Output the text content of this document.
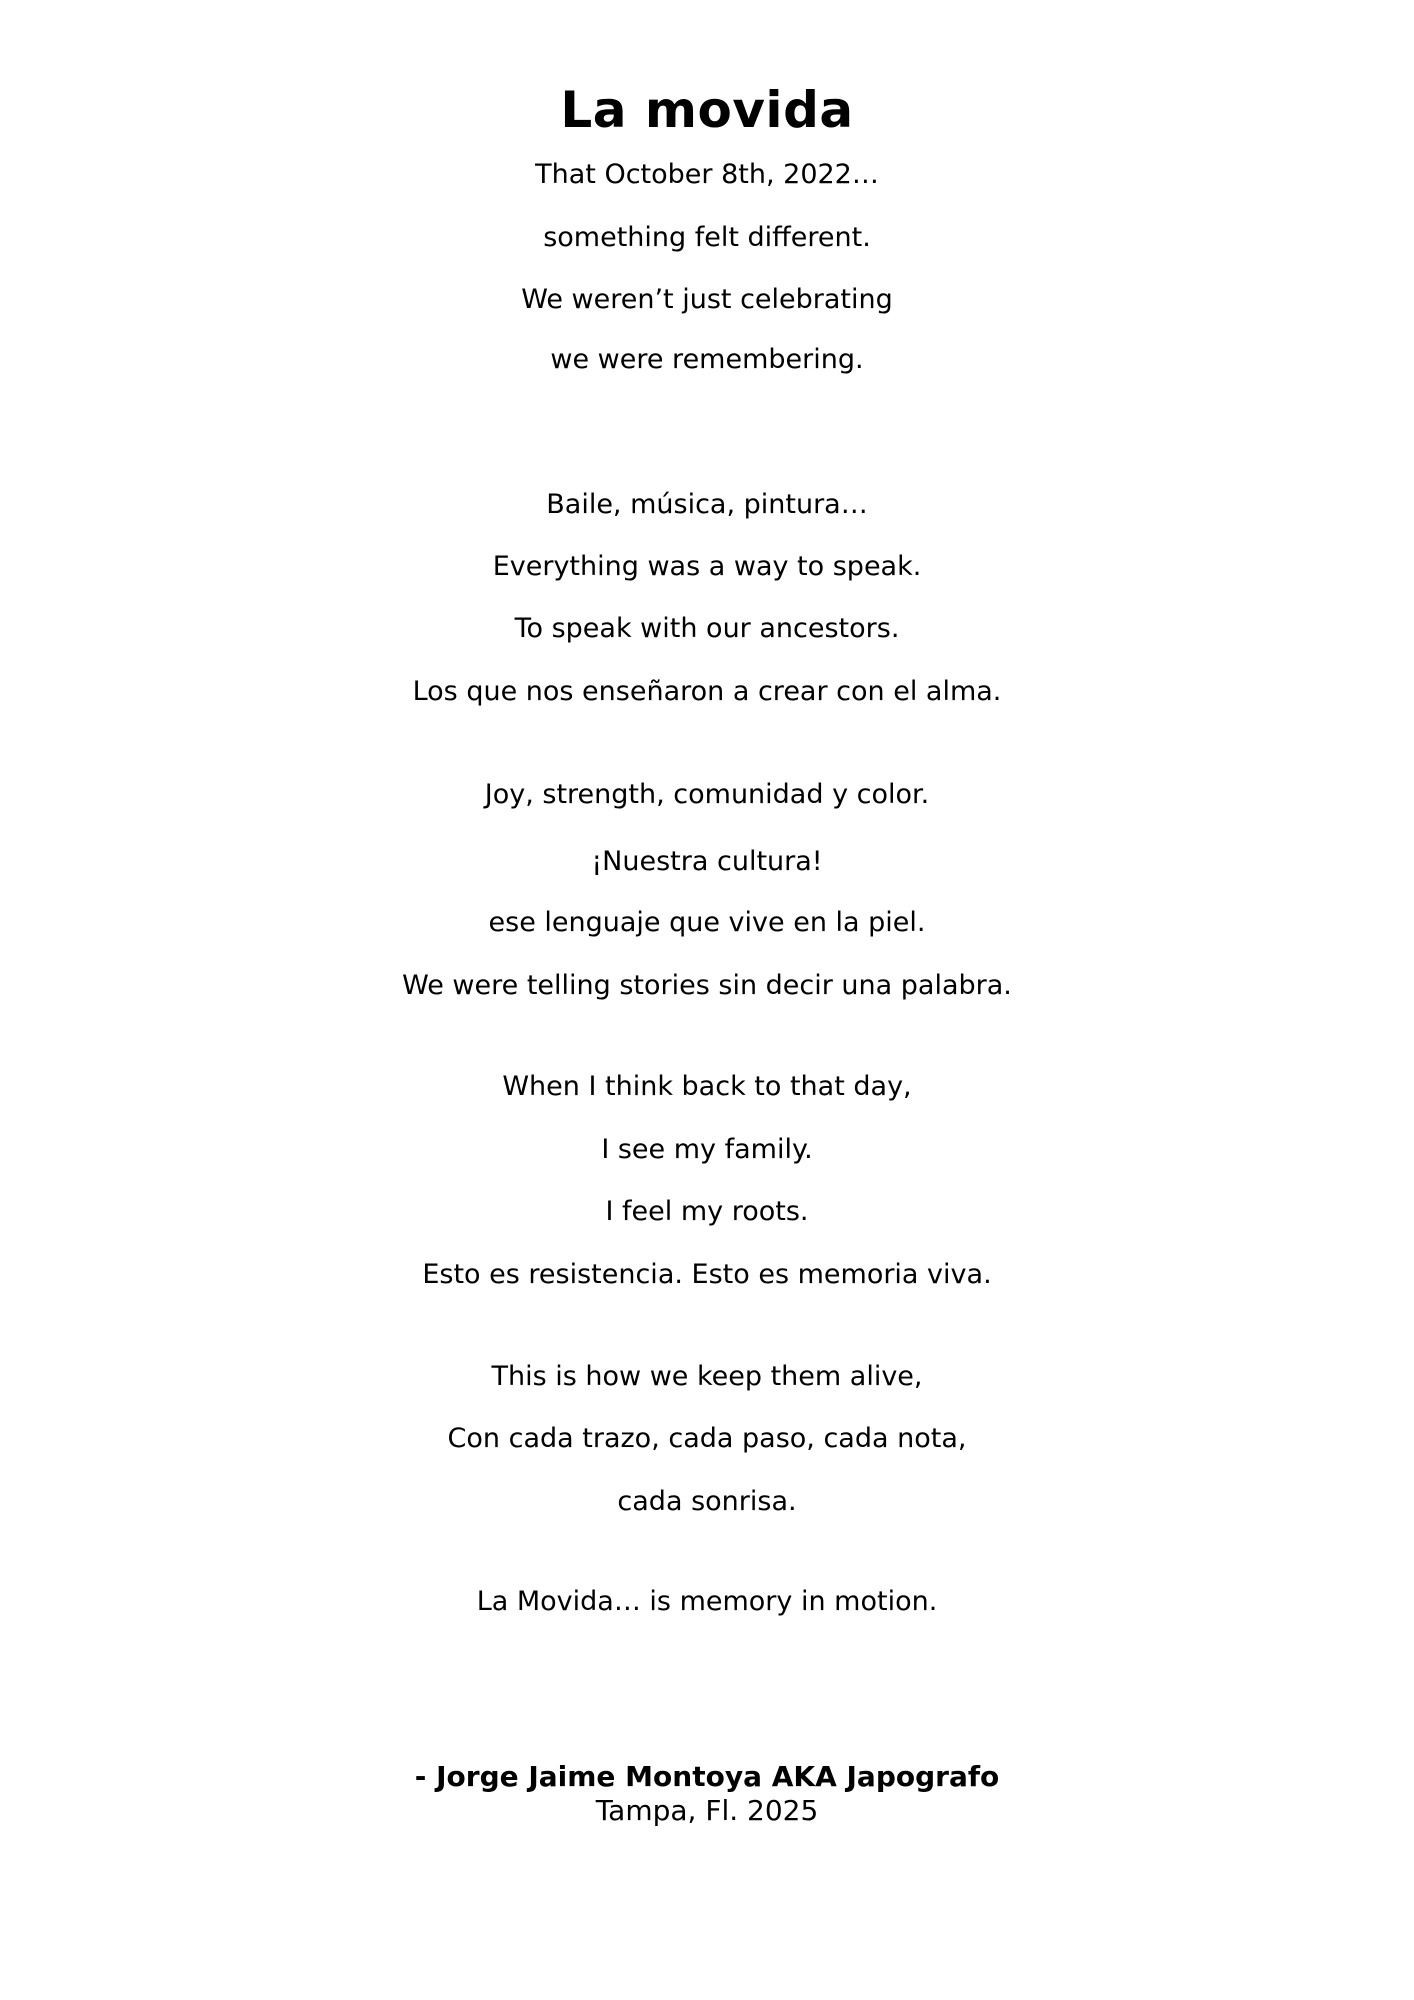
La movida
That October 8th, 2022…
something felt different.
We weren’t just celebrating
we were remembering.
Baile, música, pintura…
Everything was a way to speak.
To speak with our ancestors.
Los que nos enseñaron a crear con el alma.
Joy, strength, comunidad y color.
¡Nuestra cultura!
ese lenguaje que vive en la piel.
We were telling stories sin decir una palabra.
When I think back to that day,
I see my family.
I feel my roots.
Esto es resistencia. Esto es memoria viva.
This is how we keep them alive,
Con cada trazo, cada paso, cada nota,
cada sonrisa.
La Movida… is memory in motion.
- Jorge Jaime Montoya AKA Japografo
Tampa, Fl. 2025
